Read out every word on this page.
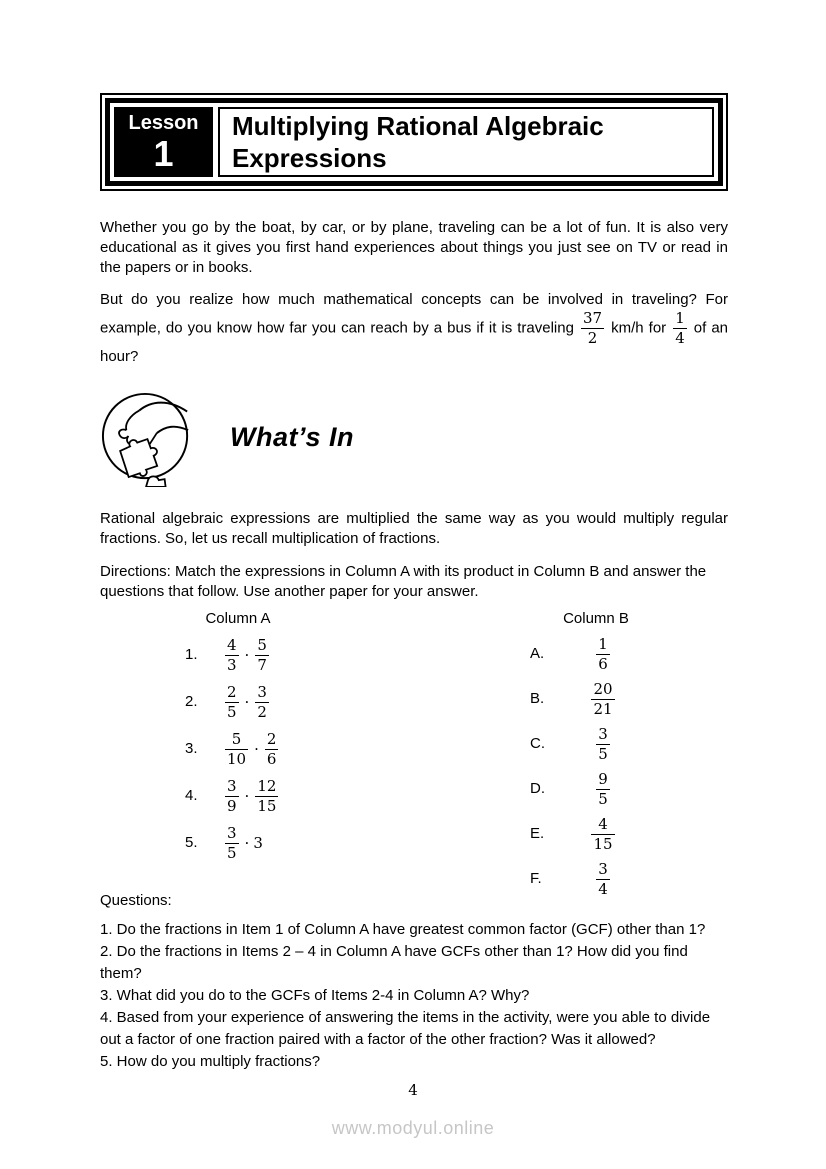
Lesson
1
Multiplying Rational Algebraic Expressions

Whether you go by the boat, by car, or by plane, traveling can be a lot of fun. It is also very educational as it gives you first hand experiences about things you just see on TV or read in the papers or in books.

But do you realize how much mathematical concepts can be involved in traveling? For example, do you know how far you can reach by a bus if it is traveling $\frac{37}{2} km/h$ for $\frac{1}{4}$ of an hour?

What’s In

Rational algebraic expressions are multiplied the same way as you would multiply regular fractions. So, let us recall multiplication of fractions.

Directions: Match the expressions in Column A with its product in Column B and answer the questions that follow. Use another paper for your answer.

Column A
1.	$\frac{4}{3} \cdot \frac{5}{7}$
2.	$\frac{2}{5} \cdot \frac{3}{2}$
3.	$\frac{5}{10} \cdot \frac{2}{6}$
4.	$\frac{3}{9} \cdot \frac{12}{15}$
5.	$\frac{3}{5} \cdot 3$
Column B
A.	$\frac{1}{6}$
B.	$\frac{20}{21}$
C.	$\frac{3}{5}$
D.	$\frac{9}{5}$
E.	$\frac{4}{15}$
F.	$\frac{3}{4}$

Questions:

1. Do the fractions in Item 1 of Column A have greatest common factor (GCF) other than 1?
2. Do the fractions in Items 2 – 4 in Column A have GCFs other than 1? How did you find them?
3. What did you do to the GCFs of Items 2-4 in Column A? Why?
4. Based from your experience of answering the items in the activity, were you able to divide out a factor of one fraction paired with a factor of the other fraction? Was it allowed?
5. How do you multiply fractions?
4
www.modyul.online
